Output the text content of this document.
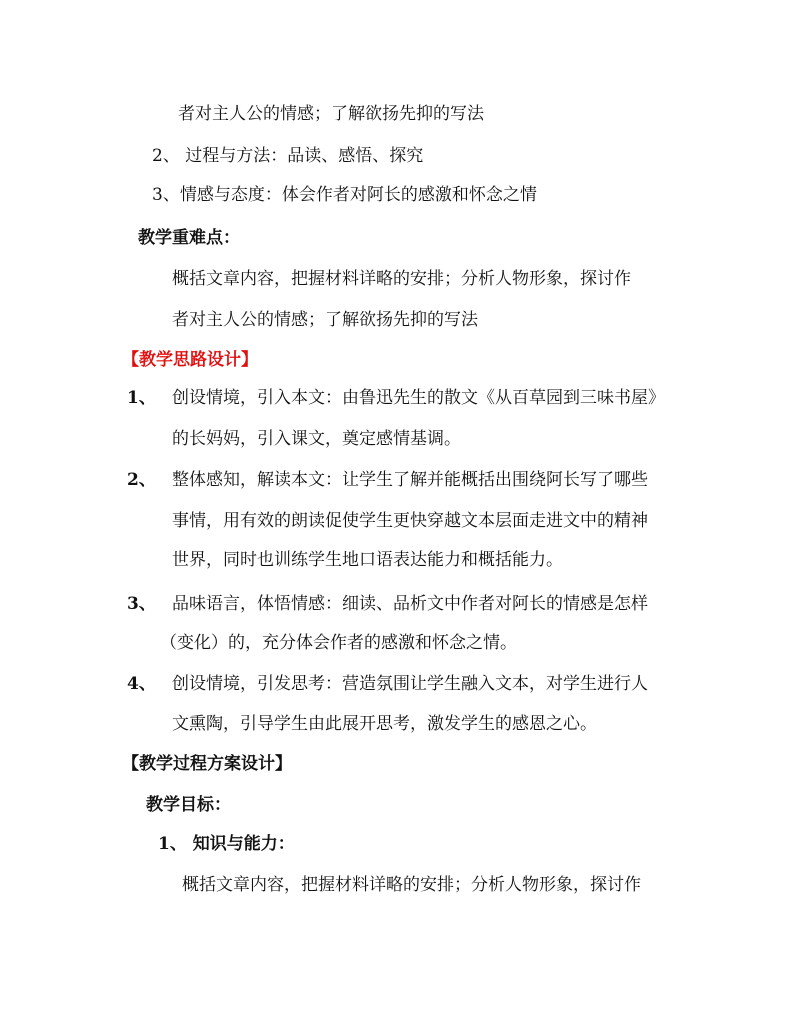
者对主人公的情感；了解欲扬先抑的写法
2、 过程与方法：品读、感悟、探究
3、情感与态度：体会作者对阿长的感激和怀念之情
教学重难点：
概括文章内容，把握材料详略的安排；分析人物形象，探讨作
者对主人公的情感；了解欲扬先抑的写法
【教学思路设计】
1、 创设情境，引入本文：由鲁迅先生的散文《从百草园到三味书屋》
的长妈妈，引入课文，奠定感情基调。
2、 整体感知，解读本文：让学生了解并能概括出围绕阿长写了哪些
事情，用有效的朗读促使学生更快穿越文本层面走进文中的精神
世界，同时也训练学生地口语表达能力和概括能力。
3、 品味语言，体悟情感：细读、品析文中作者对阿长的情感是怎样
（变化）的，充分体会作者的感激和怀念之情。
4、 创设情境，引发思考：营造氛围让学生融入文本，对学生进行人
文熏陶，引导学生由此展开思考，激发学生的感恩之心。
【教学过程方案设计】
教学目标：
1、 知识与能力：
概括文章内容，把握材料详略的安排；分析人物形象，探讨作
